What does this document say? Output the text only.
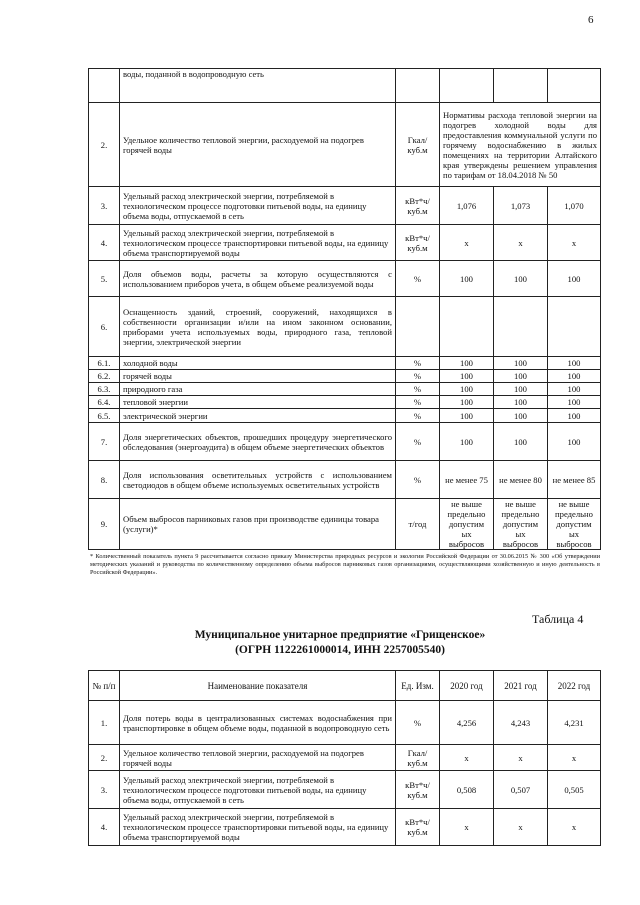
6
	воды, поданной в водопроводную сеть				
2.	Удельное количество тепловой энергии, расходуемой на подогрев горячей воды	Гкал/ куб.м	Нормативы расхода тепловой энергии на подогрев холодной воды для предоставления коммунальной услуги по горячему водоснабжению в жилых помещениях на территории Алтайского края утверждены решением управления по тарифам от 18.04.2018 № 50		
3.	Удельный расход электрической энергии, потребляемой в технологическом процессе подготовки питьевой воды, на единицу объема воды, отпускаемой в сеть	кВт*ч/ куб.м	1,076	1,073	1,070
4.	Удельный расход электрической энергии, потребляемой в технологическом процессе транспортировки питьевой воды, на единицу объема транспортируемой воды	кВт*ч/ куб.м	х	х	х
5.	Доля объемов воды, расчеты за которую осуществляются с использованием приборов учета, в общем объеме реализуемой воды	%	100	100	100
6.	Оснащенность зданий, строений, сооружений, находящихся в собственности организации и/или на ином законном основании, приборами учета используемых воды, природного газа, тепловой энергии, электрической энергии				
6.1.	холодной воды	%	100	100	100
6.2.	горячей воды	%	100	100	100
6.3.	природного газа	%	100	100	100
6.4.	тепловой энергии	%	100	100	100
6.5.	электрической энергии	%	100	100	100
7.	Доля энергетических объектов, прошедших процедуру энергетического обследования (энергоаудита) в общем объеме энергетических объектов	%	100	100	100
8.	Доля использования осветительных устройств с использованием светодиодов в общем объеме используемых осветительных устройств	%	не менее 75	не менее 80	не менее 85
9.	Объем выбросов парниковых газов при производстве единицы товара (услуги)*	т/год	не выше предельно допустим ых выбросов	не выше предельно допустим ых выбросов	не выше предельно допустим ых выбросов
* Количественный показатель пункта 9 рассчитывается согласно приказу Министерства природных ресурсов и экологии Российской Федерации от 30.06.2015 № 300 «Об утверждении методических указаний и руководства по количественному определению объема выбросов парниковых газов организациями, осуществляющими хозяйственную и иную деятельность в Российской Федерации».
Таблица 4
Муниципальное унитарное предприятие «Грищенское»
(ОГРН 1122261000014, ИНН 2257005540)
№ п/п	Наименование показателя	Ед. Изм.	2020 год	2021 год	2022 год
1.	Доля потерь воды в централизованных системах водоснабжения при транспортировке в общем объеме воды, поданной в водопроводную сеть	%	4,256	4,243	4,231
2.	Удельное количество тепловой энергии, расходуемой на подогрев горячей воды	Гкал/ куб.м	х	х	х
3.	Удельный расход электрической энергии, потребляемой в технологическом процессе подготовки питьевой воды, на единицу объема воды, отпускаемой в сеть	кВт*ч/ куб.м	0,508	0,507	0,505
4.	Удельный расход электрической энергии, потребляемой в технологическом процессе транспортировки питьевой воды, на единицу объема транспортируемой воды	кВт*ч/ куб.м	х	х	х
